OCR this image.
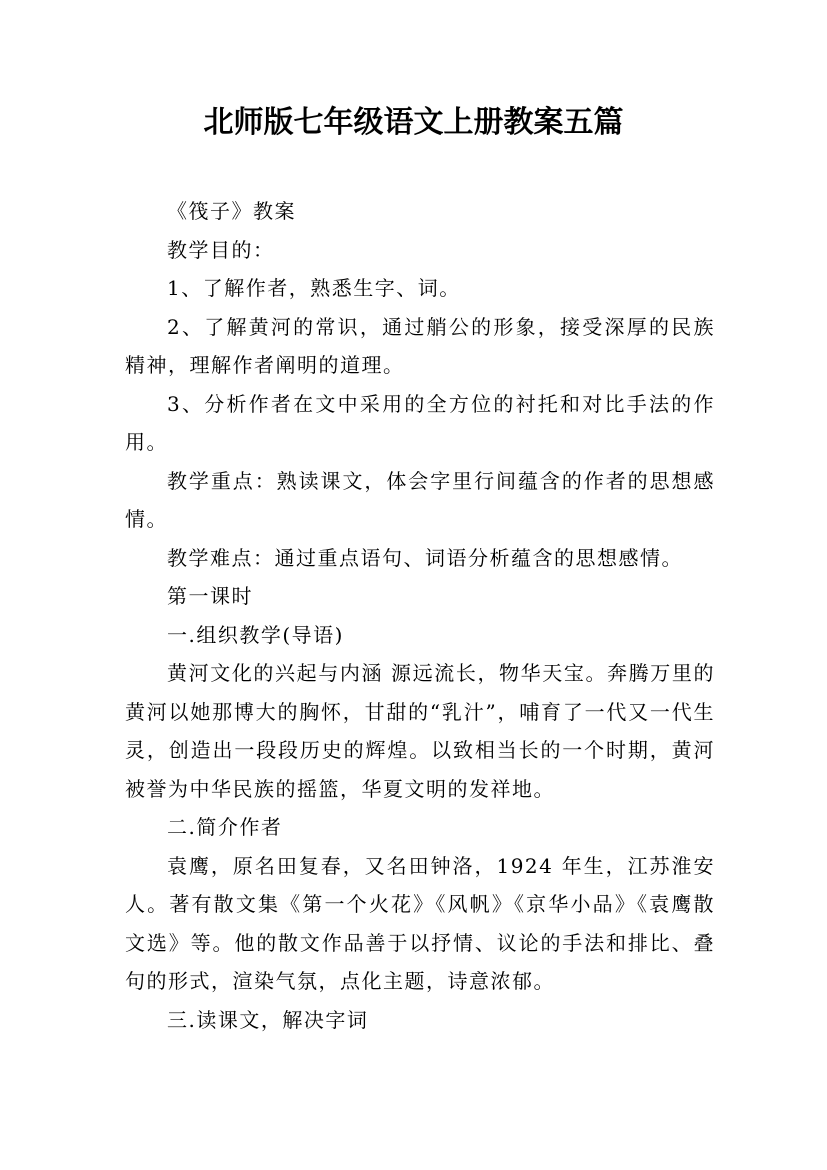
北师版七年级语文上册教案五篇

《筏子》教案

教学目的：

1、了解作者，熟悉生字、词。

2、了解黄河的常识，通过艄公的形象，接受深厚的民族精神，理解作者阐明的道理。

3、分析作者在文中采用的全方位的衬托和对比手法的作用。

教学重点：熟读课文，体会字里行间蕴含的作者的思想感情。

教学难点：通过重点语句、词语分析蕴含的思想感情。

第一课时

一.组织教学(导语)

黄河文化的兴起与内涵 源远流长，物华天宝。奔腾万里的黄河以她那博大的胸怀，甘甜的“乳汁”，哺育了一代又一代生灵，创造出一段段历史的辉煌。以致相当长的一个时期，黄河被誉为中华民族的摇篮，华夏文明的发祥地。

二.简介作者

袁鹰，原名田复春，又名田钟洛，1924 年生，江苏淮安人。著有散文集《第一个火花》《风帆》《京华小品》《袁鹰散文选》等。他的散文作品善于以抒情、议论的手法和排比、叠句的形式，渲染气氛，点化主题，诗意浓郁。

三.读课文，解决字词
